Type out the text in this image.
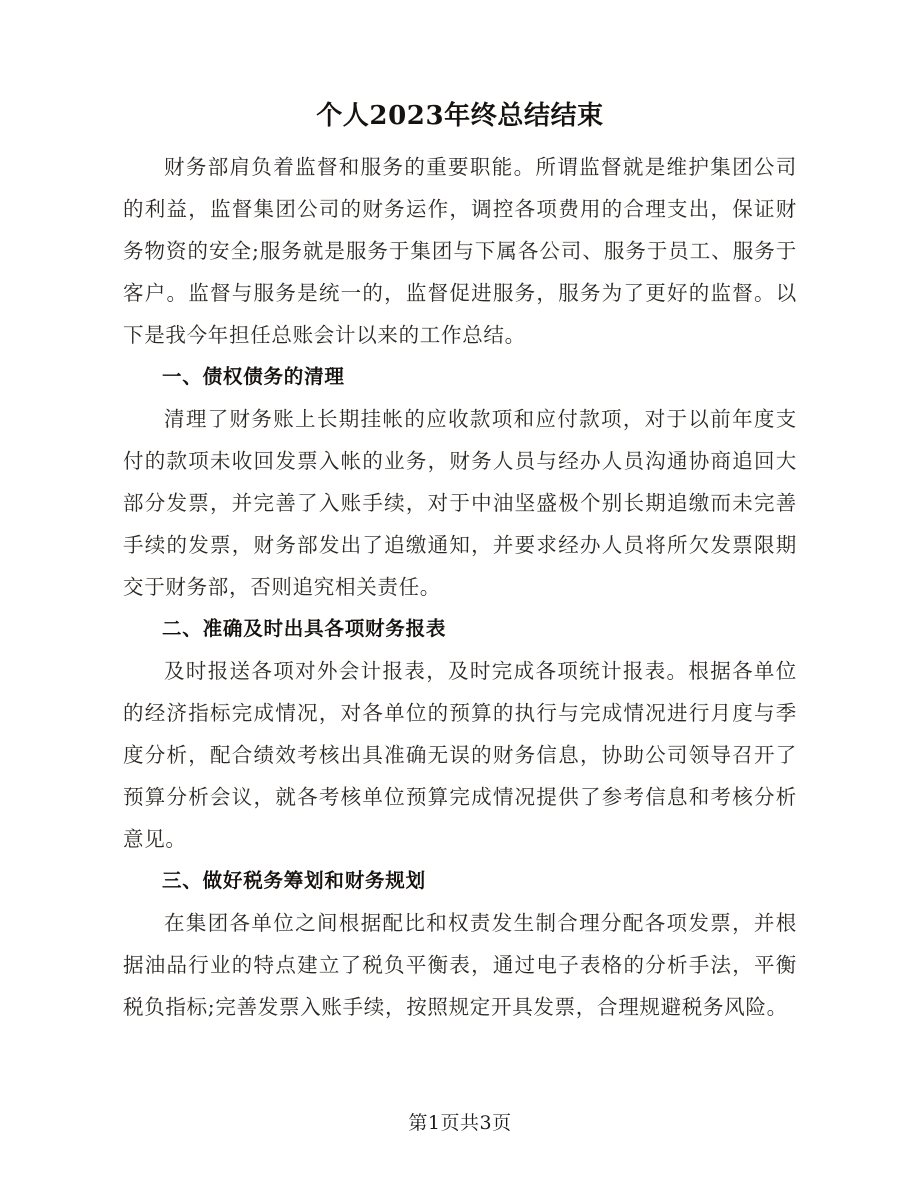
个人2023年终总结结束

财务部肩负着监督和服务的重要职能。所谓监督就是维护集团公司的利益，监督集团公司的财务运作，调控各项费用的合理支出，保证财务物资的安全;服务就是服务于集团与下属各公司、服务于员工、服务于客户。监督与服务是统一的，监督促进服务，服务为了更好的监督。以下是我今年担任总账会计以来的工作总结。

一、债权债务的清理

清理了财务账上长期挂帐的应收款项和应付款项，对于以前年度支付的款项未收回发票入帐的业务，财务人员与经办人员沟通协商追回大部分发票，并完善了入账手续，对于中油坚盛极个别长期追缴而未完善手续的发票，财务部发出了追缴通知，并要求经办人员将所欠发票限期交于财务部，否则追究相关责任。

二、准确及时出具各项财务报表

及时报送各项对外会计报表，及时完成各项统计报表。根据各单位的经济指标完成情况，对各单位的预算的执行与完成情况进行月度与季度分析，配合绩效考核出具准确无误的财务信息，协助公司领导召开了预算分析会议，就各考核单位预算完成情况提供了参考信息和考核分析意见。

三、做好税务筹划和财务规划

在集团各单位之间根据配比和权责发生制合理分配各项发票，并根据油品行业的特点建立了税负平衡表，通过电子表格的分析手法，平衡税负指标;完善发票入账手续，按照规定开具发票，合理规避税务风险。

第1页共3页
